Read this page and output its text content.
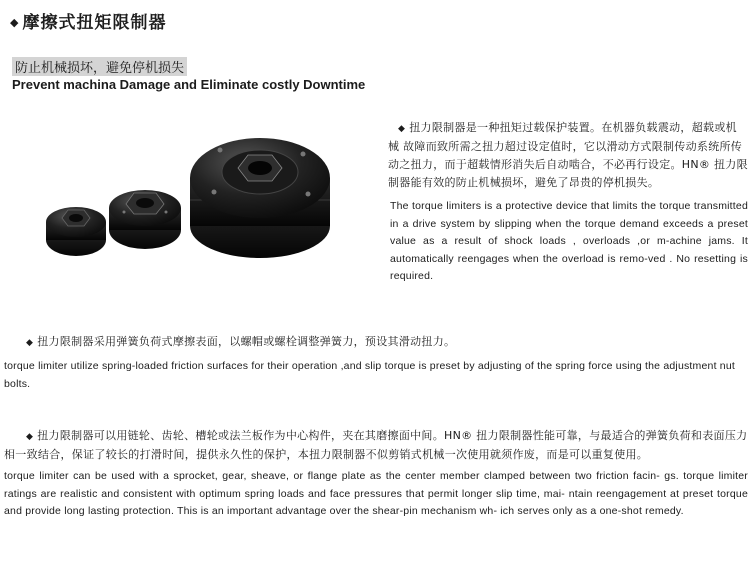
◆ 摩擦式扭矩限制器
防止机械损坏，避免停机损失
Prevent machina Damage and Eliminate costly Downtime

◆ 扭力限制器是一种扭矩过载保护装置。在机器负载震动，超载或机械 故障而致所需之扭力超过设定值时，它以滑动方式限制传动系统所传动之扭力，而于超载情形消失后自动啮合，不必再行设定。HN® 扭力限制器能有效的防止机械损坏，避免了昂贵的停机损失。

The torque limiters is a protective device that limits the torque transmitted in a drive system by slipping when the torque demand exceeds a preset value as a result of shock loads , overloads ,or m-achine jams. It automatically reengages when the overload is remo-ved . No resetting is required.

◆ 扭力限制器采用弹簧负荷式摩擦表面，以螺帽或螺栓调整弹簧力，预设其滑动扭力。

torque limiter utilize spring-loaded friction surfaces for their operation ,and slip torque is preset by adjusting of the spring force using the adjustment nut bolts.

◆ 扭力限制器可以用链轮、齿轮、槽轮或法兰板作为中心构件，夹在其磨擦面中间。HN® 扭力限制器性能可靠，与最适合的弹簧负荷和表面压力相一致结合，保证了较长的打滑时间，提供永久性的保护，本扭力限制器不似剪销式机械一次使用就须作废，而是可以重复使用。

torque limiter can be used with a sprocket, gear, sheave, or flange plate as the center member clamped between two friction facin- gs. torque limiter ratings are realistic and consistent with optimum spring loads and face pressures that permit longer slip time, mai- ntain reengagement at preset torque and provide long lasting protection. This is an important advantage over the shear-pin mechanism wh- ich serves only as a one-shot remedy.
